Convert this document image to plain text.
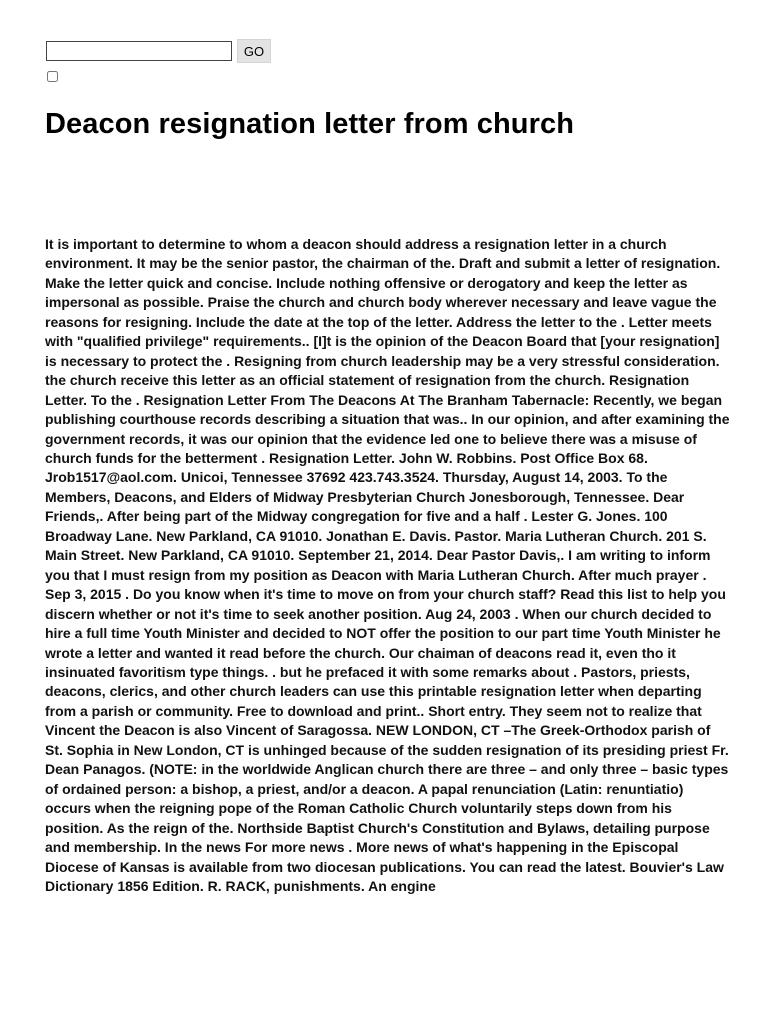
GO
Deacon resignation letter from church

It is important to determine to whom a deacon should address a resignation letter in a church environment. It may be the senior pastor, the chairman of the. Draft and submit a letter of resignation. Make the letter quick and concise. Include nothing offensive or derogatory and keep the letter as impersonal as possible. Praise the church and church body wherever necessary and leave vague the reasons for resigning. Include the date at the top of the letter. Address the letter to the . Letter meets with "qualified privilege" requirements.. [I]t is the opinion of the Deacon Board that [your resignation] is necessary to protect the . Resigning from church leadership may be a very stressful consideration. the church receive this letter as an official statement of resignation from the church. Resignation Letter. To the . Resignation Letter From The Deacons At The Branham Tabernacle: Recently, we began publishing courthouse records describing a situation that was.. In our opinion, and after examining the government records, it was our opinion that the evidence led one to believe there was a misuse of church funds for the betterment . Resignation Letter. John W. Robbins. Post Office Box 68. Jrob1517@aol.com. Unicoi, Tennessee 37692 423.743.3524. Thursday, August 14, 2003. To the Members, Deacons, and Elders of Midway Presbyterian Church Jonesborough, Tennessee. Dear Friends,. After being part of the Midway congregation for five and a half . Lester G. Jones. 100 Broadway Lane. New Parkland, CA 91010. Jonathan E. Davis. Pastor. Maria Lutheran Church. 201 S. Main Street. New Parkland, CA 91010. September 21, 2014. Dear Pastor Davis,. I am writing to inform you that I must resign from my position as Deacon with Maria Lutheran Church. After much prayer . Sep 3, 2015 . Do you know when it's time to move on from your church staff? Read this list to help you discern whether or not it's time to seek another position. Aug 24, 2003 . When our church decided to hire a full time Youth Minister and decided to NOT offer the position to our part time Youth Minister he wrote a letter and wanted it read before the church. Our chaiman of deacons read it, even tho it insinuated favoritism type things. . but he prefaced it with some remarks about . Pastors, priests, deacons, clerics, and other church leaders can use this printable resignation letter when departing from a parish or community. Free to download and print.. Short entry. They seem not to realize that Vincent the Deacon is also Vincent of Saragossa. NEW LONDON, CT –The Greek-Orthodox parish of St. Sophia in New London, CT is unhinged because of the sudden resignation of its presiding priest Fr. Dean Panagos. (NOTE: in the worldwide Anglican church there are three – and only three – basic types of ordained person: a bishop, a priest, and/or a deacon. A papal renunciation (Latin: renuntiatio) occurs when the reigning pope of the Roman Catholic Church voluntarily steps down from his position. As the reign of the. Northside Baptist Church's Constitution and Bylaws, detailing purpose and membership. In the news For more news . More news of what's happening in the Episcopal Diocese of Kansas is available from two diocesan publications. You can read the latest. Bouvier's Law Dictionary 1856 Edition. R. RACK, punishments. An engine
